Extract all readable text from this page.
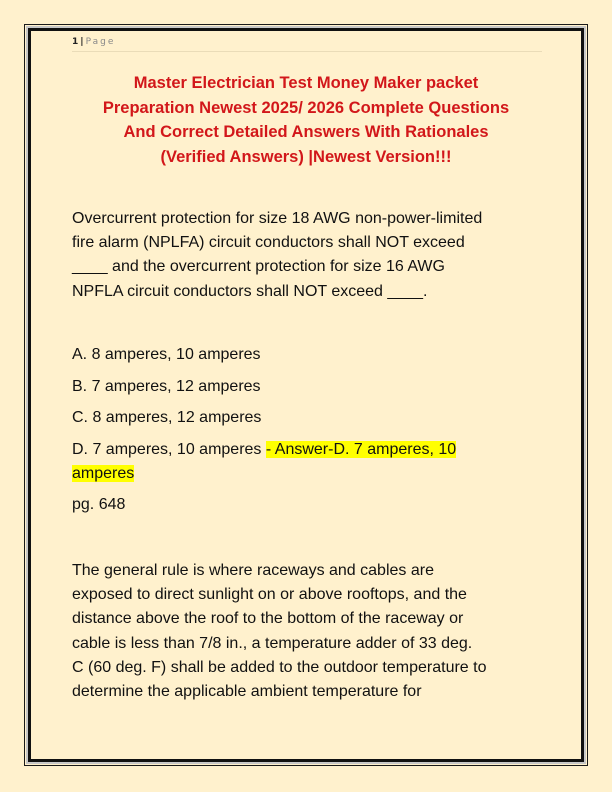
1 | Page
Master Electrician Test Money Maker packet
Preparation Newest 2025/ 2026 Complete Questions
And Correct Detailed Answers With Rationales
(Verified Answers) |Newest Version!!!
Overcurrent protection for size 18 AWG non-power-limited
fire alarm (NPLFA) circuit conductors shall NOT exceed
____ and the overcurrent protection for size 16 AWG
NPFLA circuit conductors shall NOT exceed ____.
A. 8 amperes, 10 amperes
B. 7 amperes, 12 amperes
C. 8 amperes, 12 amperes
D. 7 amperes, 10 amperes - Answer-D. 7 amperes, 10
amperes
pg. 648
The general rule is where raceways and cables are
exposed to direct sunlight on or above rooftops, and the
distance above the roof to the bottom of the raceway or
cable is less than 7/8 in., a temperature adder of 33 deg.
C (60 deg. F) shall be added to the outdoor temperature to
determine the applicable ambient temperature for
